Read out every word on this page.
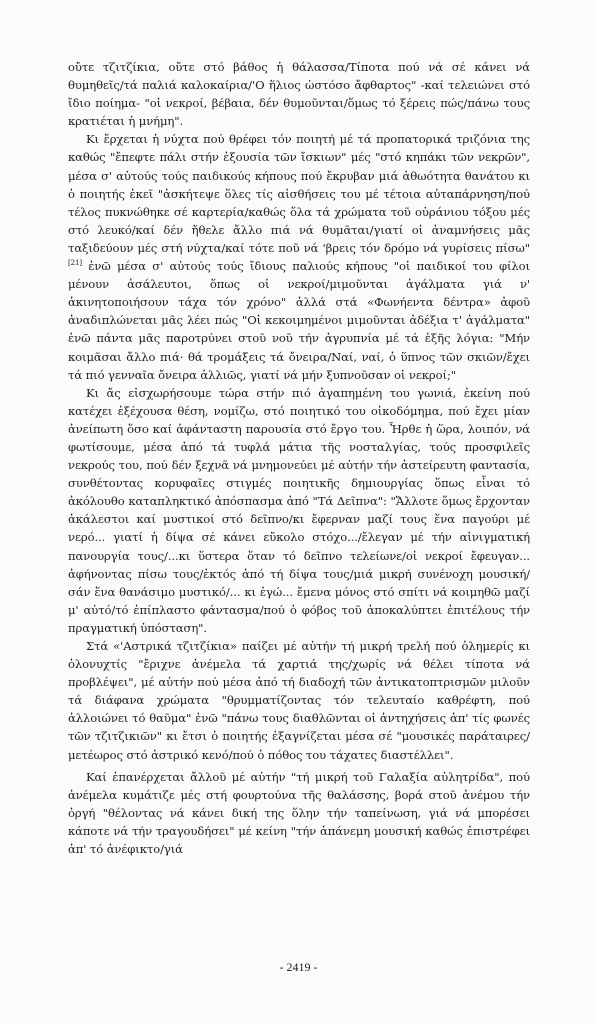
οὔτε τζιτζίκια, οὔτε στό βάθος ἡ θάλασσα/Τίποτα πού νά σέ κάνει νά θυμηθεῖς/τά παλιά καλοκαίρια/'Ο ἥλιος ὡστόσο ἄφθαρτος" -καί τελειώνει στό ἴδιο ποίημα- "οἱ νεκροί, βέβαια, δέν θυμοῦνται/ὅμως τό ξέρεις πώς/πάνω τους κρατιέται ἡ μνήμη".

Κι ἔρχεται ἡ νύχτα πού θρέφει τόν ποιητή μέ τά προπατορικά τριζόνια της καθώς "ἔπεφτε πάλι στήν ἐξουσία τῶν ἴσκιων" μές "στό κηπάκι τῶν νεκρῶν", μέσα σ' αὐτούς τούς παιδικούς κήπους πού ἔκρυβαν μιά ἀθωότητα θανάτου κι ὁ ποιητής ἐκεῖ "ἀσκήτεψε ὅλες τίς αἰσθήσεις του μέ τέτοια αὐταπάρνηση/πού τέλος πυκνώθηκε σέ καρτερία/καθώς ὅλα τά χρώματα τοῦ οὐράνιου τόξου μές στό λευκό/καί δέν ἤθελε ἄλλο πιά νά θυμᾶται/γιατί οἱ ἀναμνήσεις μᾶς ταξιδεύουν μές στή νύχτα/καί τότε ποῦ νά 'βρεις τόν δρόμο νά γυρίσεις πίσω"[21] ἐνῶ μέσα σ' αὐτούς τούς ἴδιους παλιούς κήπους "οἱ παιδικοί του φίλοι μένουν ἀσάλευτοι, ὅπως οἱ νεκροί/μιμοῦνται ἀγάλματα γιά ν' ἀκινητοποιήσουν τάχα τόν χρόνο" ἀλλά στά «Φωνήεντα δέντρα» ἀφοῦ ἀναδιπλώνεται μᾶς λέει πώς "Οἱ κεκοιμημένοι μιμοῦνται ἀδέξια τ' ἀγάλματα" ἐνῶ πάντα μᾶς παροτρύνει στοῦ νοῦ τήν ἀγρυπνία μέ τά ἑξῆς λόγια: "Μήν κοιμᾶσαι ἄλλο πιά· θά τρομάξεις τά ὄνειρα/Ναί, ναί, ὁ ὕπνος τῶν σκιῶν/ἔχει τά πιό γενναῖα ὄνειρα ἀλλιῶς, γιατί νά μήν ξυπνοῦσαν οἱ νεκροί;"

Κι ἄς εἰσχωρήσουμε τώρα στήν πιό ἀγαπημένη του γωνιά, ἐκείνη πού κατέχει ἐξέχουσα θέση, νομίζω, στό ποιητικό του οἰκοδόμημα, πού ἔχει μίαν ἀνείπωτη ὅσο καί ἀφάνταστη παρουσία στό ἔργο του. Ἦρθε ἡ ὥρα, λοιπόν, νά φωτίσουμε, μέσα ἀπό τά τυφλά μάτια τῆς νοσταλγίας, τούς προσφιλεῖς νεκρούς του, πού δέν ξεχνᾶ νά μνημονεύει μέ αὐτήν τήν ἀστείρευτη φαντασία, συνθέτοντας κορυφαῖες στιγμές ποιητικῆς δημιουργίας ὅπως εἶναι τό ἀκόλουθο καταπληκτικό ἀπόσπασμα ἀπό "Τά Δεῖπνα": "Ἄλλοτε ὅμως ἔρχονταν ἀκάλεστοι καί μυστικοί στό δεῖπνο/κι ἔφερναν μαζί τους ἕνα παγούρι μέ νερό... γιατί ἡ δίψα σέ κάνει εὔκολο στόχο.../ἔλεγαν μέ τήν αἰνιγματική πανουργία τους/...κι ὕστερα ὅταν τό δεῖπνο τελείωνε/οἱ νεκροί ἔφευγαν... ἀφήνοντας πίσω τους/ἐκτός ἀπό τή δίψα τους/μιά μικρή συνένοχη μουσική/σάν ἕνα θανάσιμο μυστικό/... κι ἐγώ... ἔμενα μόνος στό σπίτι νά κοιμηθῶ μαζί μ' αὐτό/τό ἐπίπλαστο φάντασμα/πού ὁ φόβος τοῦ ἀποκαλύπτει ἐπιτέλους τήν πραγματική ὑπόσταση".

Στά «'Αστρικά τζιτζίκια» παίζει μέ αὐτήν τή μικρή τρελή πού ὁλημερίς κι ὁλονυχτίς "ἔριχνε ἀνέμελα τά χαρτιά της/χωρίς νά θέλει τίποτα νά προβλέψει", μέ αὐτήν πού μέσα ἀπό τή διαδοχή τῶν ἀντικατοπτρισμῶν μιλοῦν τά διάφανα χρώματα "θρυμματίζοντας τόν τελευταίο καθρέφτη, πού ἀλλοιώνει τό θαῦμα" ἐνῶ "πάνω τους διαθλῶνται οἱ ἀντηχήσεις ἀπ' τίς φωνές τῶν τζιτζικιῶν" κι ἔτσι ὁ ποιητής ἐξαγνίζεται μέσα σέ "μουσικές παράταιρες/μετέωρος στό ἀστρικό κενό/πού ὁ πόθος του τάχατες διαστέλλει".

Καί ἐπανέρχεται ἄλλοῦ μέ αὐτήν "τή μικρή τοῦ Γαλαξία αὐλητρίδα", πού ἀνέμελα κυμάτιζε μές στή φουρτούνα τῆς θαλάσσης, βορά στοῦ ἀνέμου τήν ὀργή "θέλοντας νά κάνει δική της ὅλην τήν ταπείνωση, γιά νά μπορέσει κάποτε νά τήν τραγουδήσει" μέ κείνη "τήν ἀπάνεμη μουσική καθώς ἐπιστρέφει ἀπ' τό ἀνέφικτο/γιά

- 2419 -
